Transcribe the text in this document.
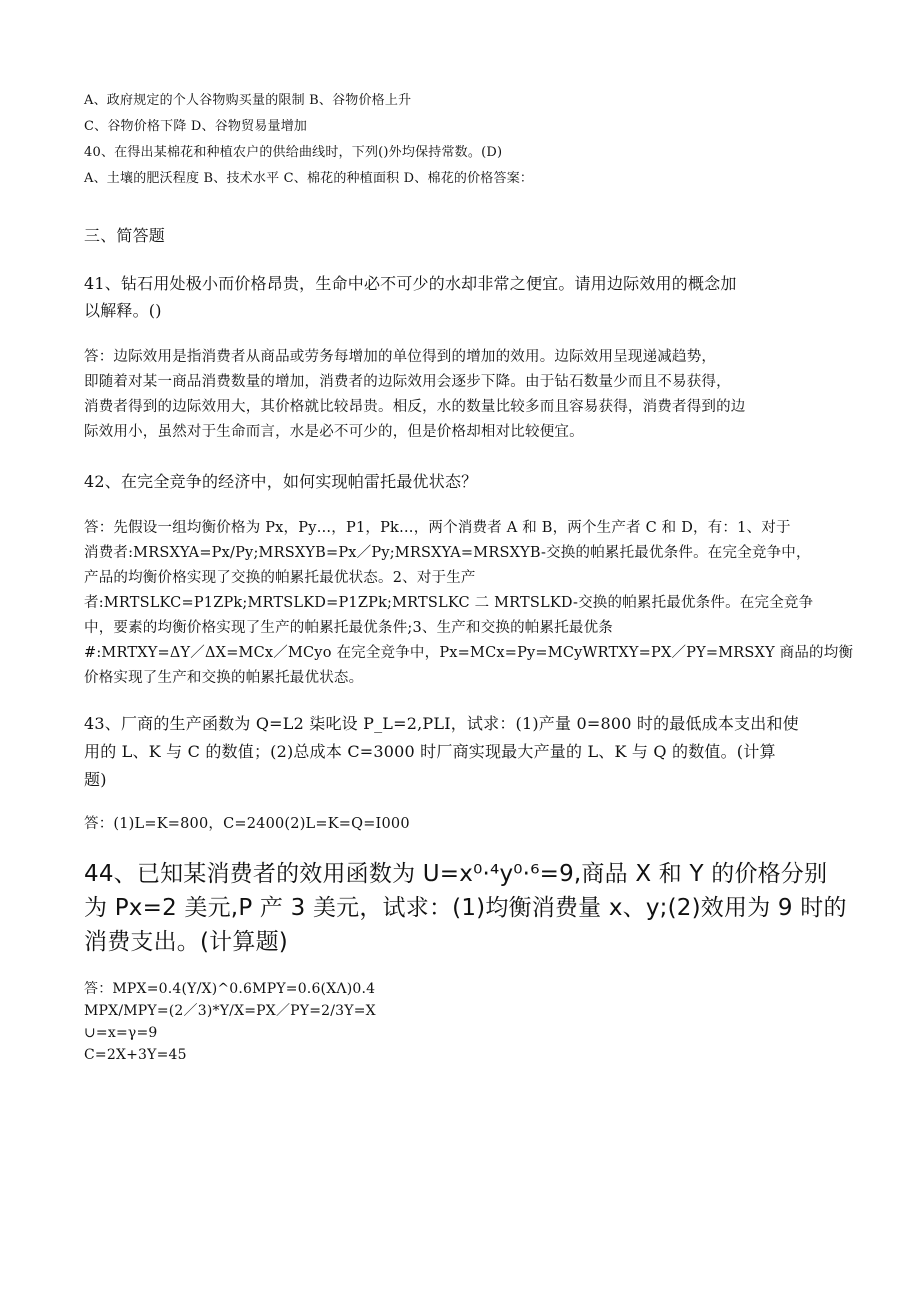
A、政府规定的个人谷物购买量的限制 B、谷物价格上升
C、谷物价格下降 D、谷物贸易量增加
40、在得出某棉花和种植农户的供给曲线时，下列()外均保持常数。(D)
A、土壤的肥沃程度 B、技术水平 C、棉花的种植面积 D、棉花的价格答案：
三、简答题
41、钻石用处极小而价格昂贵，生命中必不可少的水却非常之便宜。请用边际效用的概念加
以解释。()
答：边际效用是指消费者从商品或劳务每增加的单位得到的增加的效用。边际效用呈现递减趋势，
即随着对某一商品消费数量的增加，消费者的边际效用会逐步下降。由于钻石数量少而且不易获得，
消费者得到的边际效用大，其价格就比较昂贵。相反，水的数量比较多而且容易获得，消费者得到的边
际效用小，虽然对于生命而言，水是必不可少的，但是价格却相对比较便宜。
42、在完全竞争的经济中，如何实现帕雷托最优状态？
答：先假设一组均衡价格为 Px，Py…，P1，Pk…，两个消费者 A 和 B，两个生产者 C 和 D，有：1、对于
消费者:MRSXYA=Px/Py;MRSXYB=Px／Py;MRSXYA=MRSXYB-交换的帕累托最优条件。在完全竞争中，
产品的均衡价格实现了交换的帕累托最优状态。2、对于生产
者:MRTSLKC=P1ZPk;MRTSLKD=P1ZPk;MRTSLKC 二 MRTSLKD-交换的帕累托最优条件。在完全竞争
中，要素的均衡价格实现了生产的帕累托最优条件;3、生产和交换的帕累托最优条
#:MRTXY=ΔY／ΔX=MCx／MCyo 在完全竞争中，Px=MCx=Py=MCyWRTXY=PX／PY=MRSXY 商品的均衡
价格实现了生产和交换的帕累托最优状态。
43、厂商的生产函数为 Q=L2 柒叱设 P_L=2,PLI，试求：(1)产量 0=800 时的最低成本支出和使
用的 L、K 与 C 的数值；(2)总成本 C=3000 时厂商实现最大产量的 L、K 与 Q 的数值。(计算
题)
答：(1)L=K=800，C=2400(2)L=K=Q=I000
44、已知某消费者的效用函数为 U=x⁰·⁴y⁰·⁶=9,商品 X 和 Y 的价格分别
为 Px=2 美元,P 产 3 美元，试求：(1)均衡消费量 x、y;(2)效用为 9 时的
消费支出。(计算题)
答：MPX=0.4(Y/X)^0.6MPY=0.6(XΛ)0.4
MPX/MPY=(2／3)*Y/X=PX／PY=2/3Y=X
∪=x=γ=9
C=2X+3Y=45
